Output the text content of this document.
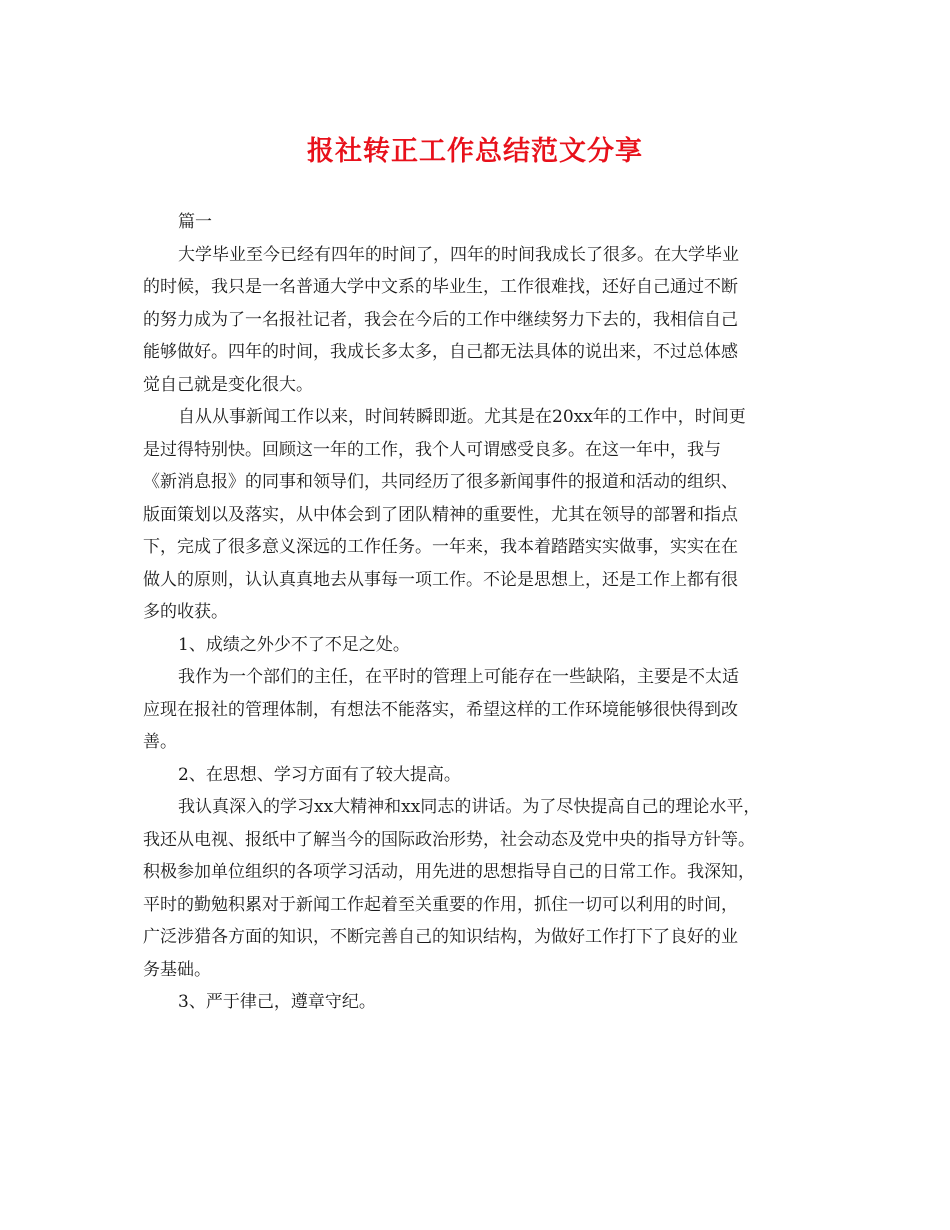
报社转正工作总结范文分享

篇一

大学毕业至今已经有四年的时间了，四年的时间我成长了很多。在大学毕业

的时候，我只是一名普通大学中文系的毕业生，工作很难找，还好自己通过不断

的努力成为了一名报社记者，我会在今后的工作中继续努力下去的，我相信自己

能够做好。四年的时间，我成长多太多，自己都无法具体的说出来，不过总体感

觉自己就是变化很大。

自从从事新闻工作以来，时间转瞬即逝。尤其是在20xx年的工作中，时间更

是过得特别快。回顾这一年的工作，我个人可谓感受良多。在这一年中，我与

《新消息报》的同事和领导们，共同经历了很多新闻事件的报道和活动的组织、

版面策划以及落实，从中体会到了团队精神的重要性，尤其在领导的部署和指点

下，完成了很多意义深远的工作任务。一年来，我本着踏踏实实做事，实实在在

做人的原则，认认真真地去从事每一项工作。不论是思想上，还是工作上都有很

多的收获。

1、成绩之外少不了不足之处。

我作为一个部们的主任，在平时的管理上可能存在一些缺陷，主要是不太适

应现在报社的管理体制，有想法不能落实，希望这样的工作环境能够很快得到改

善。

2、在思想、学习方面有了较大提高。

我认真深入的学习xx大精神和xx同志的讲话。为了尽快提高自己的理论水平，

我还从电视、报纸中了解当今的国际政治形势，社会动态及党中央的指导方针等。

积极参加单位组织的各项学习活动，用先进的思想指导自己的日常工作。我深知，

平时的勤勉积累对于新闻工作起着至关重要的作用，抓住一切可以利用的时间，

广泛涉猎各方面的知识，不断完善自己的知识结构，为做好工作打下了良好的业

务基础。

3、严于律己，遵章守纪。
